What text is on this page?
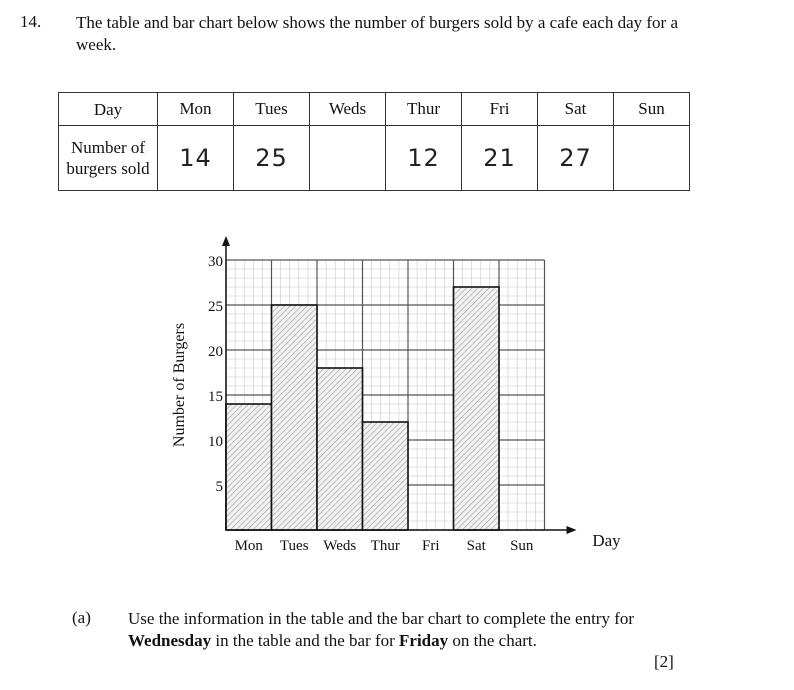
14. The table and bar chart below shows the number of burgers sold by a cafe each day for a week.
Day	Mon	Tues	Weds	Thur	Fri	Sat	Sun
Number of burgers sold	14	25		12	21	27	
5
10
15
20
25
30
Mon Tues Weds Thur Fri Sat Sun	Day
Number of Burgers
(a) Use the information in the table and the bar chart to complete the entry for Wednesday in the table and the bar for Friday on the chart.
[2]
